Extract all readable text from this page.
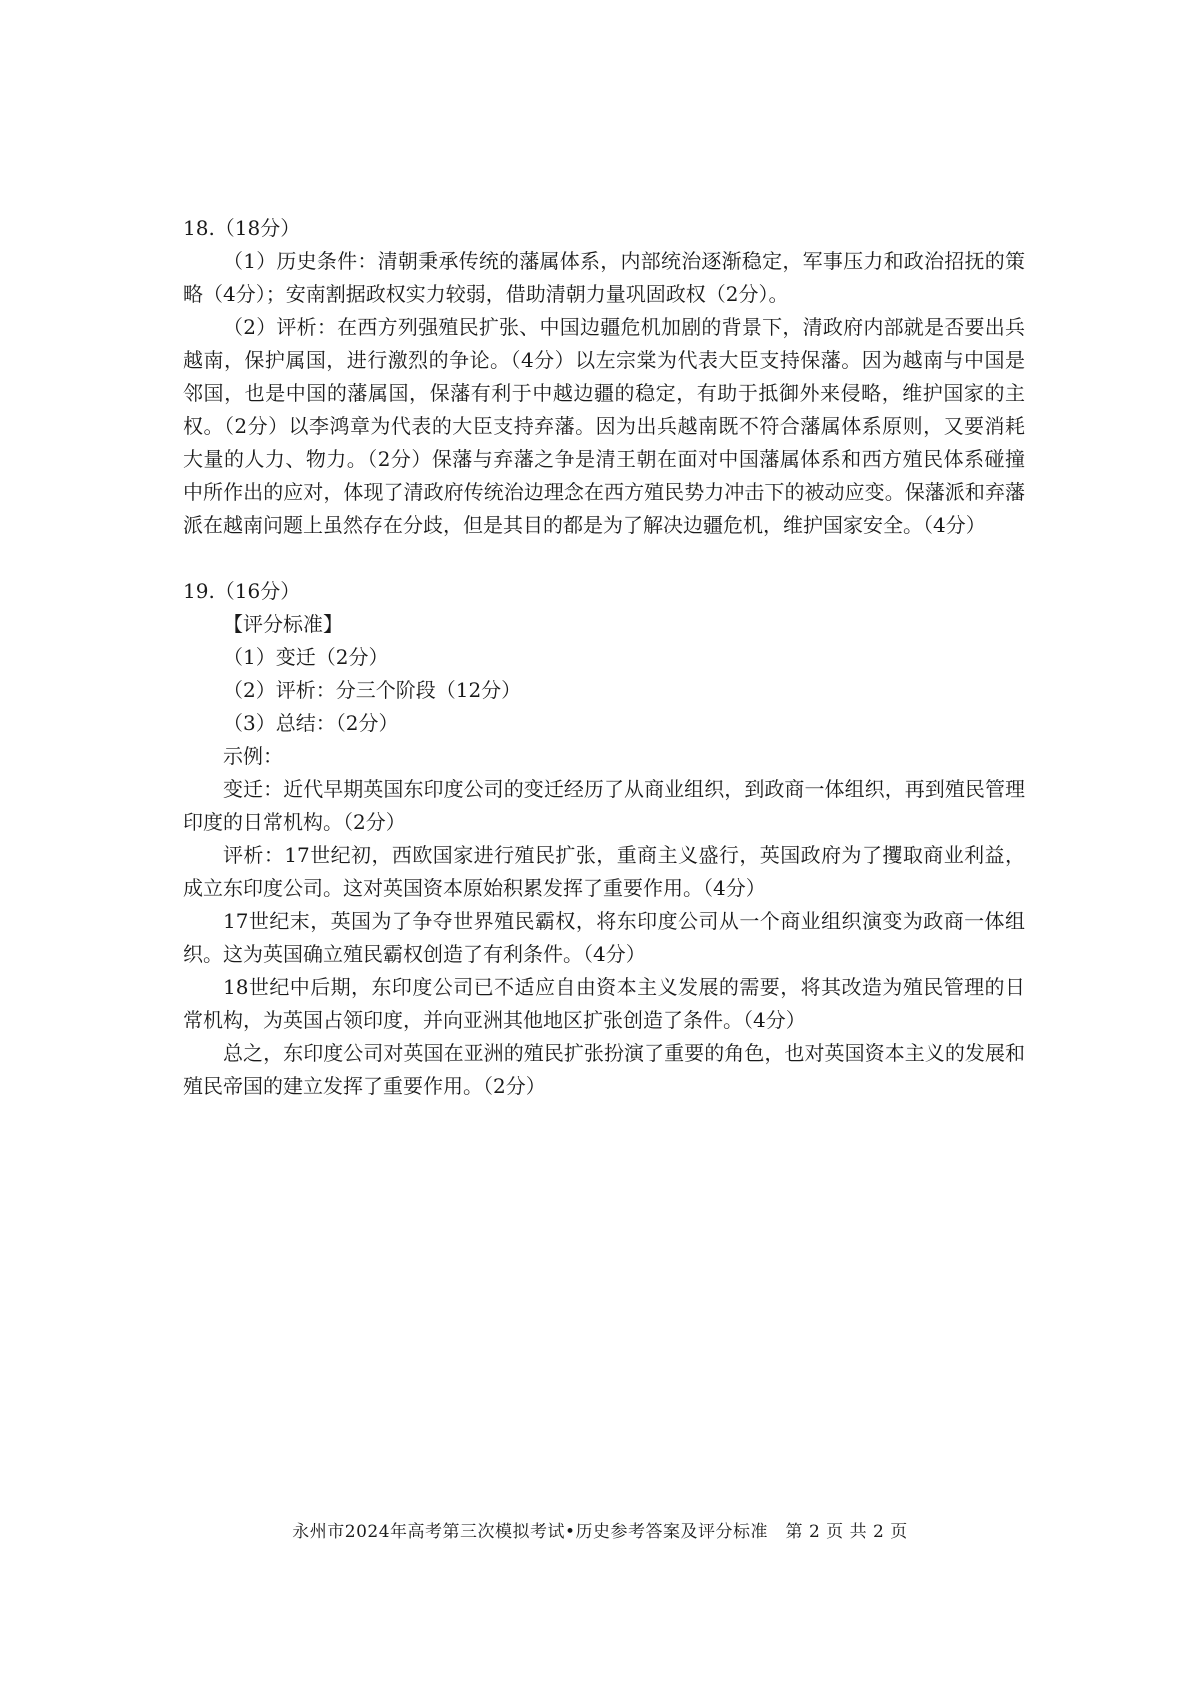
18.（18分）

（1）历史条件：清朝秉承传统的藩属体系，内部统治逐渐稳定，军事压力和政治招抚的策略（4分）；安南割据政权实力较弱，借助清朝力量巩固政权（2分）。

（2）评析：在西方列强殖民扩张、中国边疆危机加剧的背景下，清政府内部就是否要出兵越南，保护属国，进行激烈的争论。（4分）以左宗棠为代表大臣支持保藩。因为越南与中国是邻国，也是中国的藩属国，保藩有利于中越边疆的稳定，有助于抵御外来侵略，维护国家的主权。（2分）以李鸿章为代表的大臣支持弃藩。因为出兵越南既不符合藩属体系原则，又要消耗大量的人力、物力。（2分）保藩与弃藩之争是清王朝在面对中国藩属体系和西方殖民体系碰撞中所作出的应对，体现了清政府传统治边理念在西方殖民势力冲击下的被动应变。保藩派和弃藩派在越南问题上虽然存在分歧，但是其目的都是为了解决边疆危机，维护国家安全。（4分）

19.（16分）

【评分标准】

（1）变迁（2分）

（2）评析：分三个阶段（12分）

（3）总结：（2分）

示例：

变迁：近代早期英国东印度公司的变迁经历了从商业组织，到政商一体组织，再到殖民管理印度的日常机构。（2分）

评析：17世纪初，西欧国家进行殖民扩张，重商主义盛行，英国政府为了攫取商业利益，成立东印度公司。这对英国资本原始积累发挥了重要作用。（4分）

17世纪末，英国为了争夺世界殖民霸权，将东印度公司从一个商业组织演变为政商一体组织。这为英国确立殖民霸权创造了有利条件。（4分）

18世纪中后期，东印度公司已不适应自由资本主义发展的需要，将其改造为殖民管理的日常机构，为英国占领印度，并向亚洲其他地区扩张创造了条件。（4分）

总之，东印度公司对英国在亚洲的殖民扩张扮演了重要的角色，也对英国资本主义的发展和殖民帝国的建立发挥了重要作用。（2分）

永州市2024年高考第三次模拟考试•历史参考答案及评分标准　第 2 页 共 2 页
